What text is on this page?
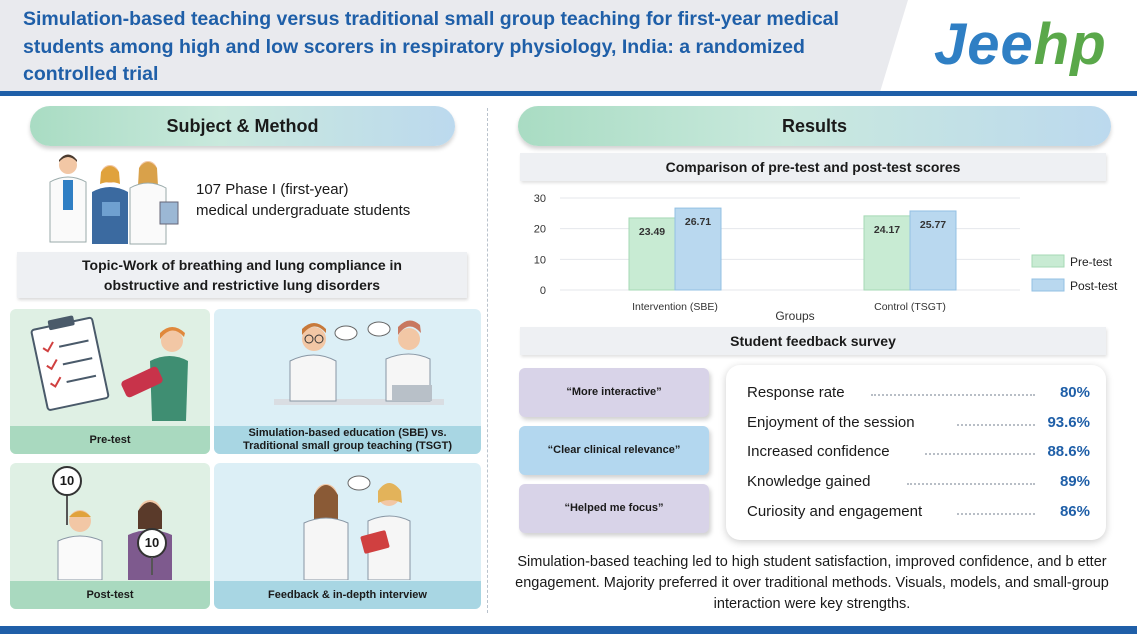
Simulation-based teaching versus traditional small group teaching for first-year medical students among high and low scorers in respiratory physiology, India: a randomized controlled trial	Jeehp
Subject & Method
107 Phase I (first-year)
medical undergraduate students
Topic-Work of breathing and lung compliance in
obstructive and restrictive lung disorders
Pre-test
Simulation-based education (SBE) vs.
Traditional small group teaching (TSGT)
10
10
Post-test	Feedback & in-depth interview
Results
Comparison of pre-test and post-test scores
0
10
20
30
23.49
26.71
Intervention (SBE)
24.17 25.77
Control (TSGT)
Groups
Pre-test
Post-test
Student feedback survey
“More interactive”
“Clear clinical relevance”
“Helped me focus”
Response rate	80%
Enjoyment of the session	93.6%
Increased confidence	88.6%
Knowledge gained	89%
Curiosity and engagement	86%
Simulation-based teaching led to high student satisfaction, improved confidence, and b etter engagement. Majority preferred it over traditional methods. Visuals, models, and small-group interaction were key strengths.
